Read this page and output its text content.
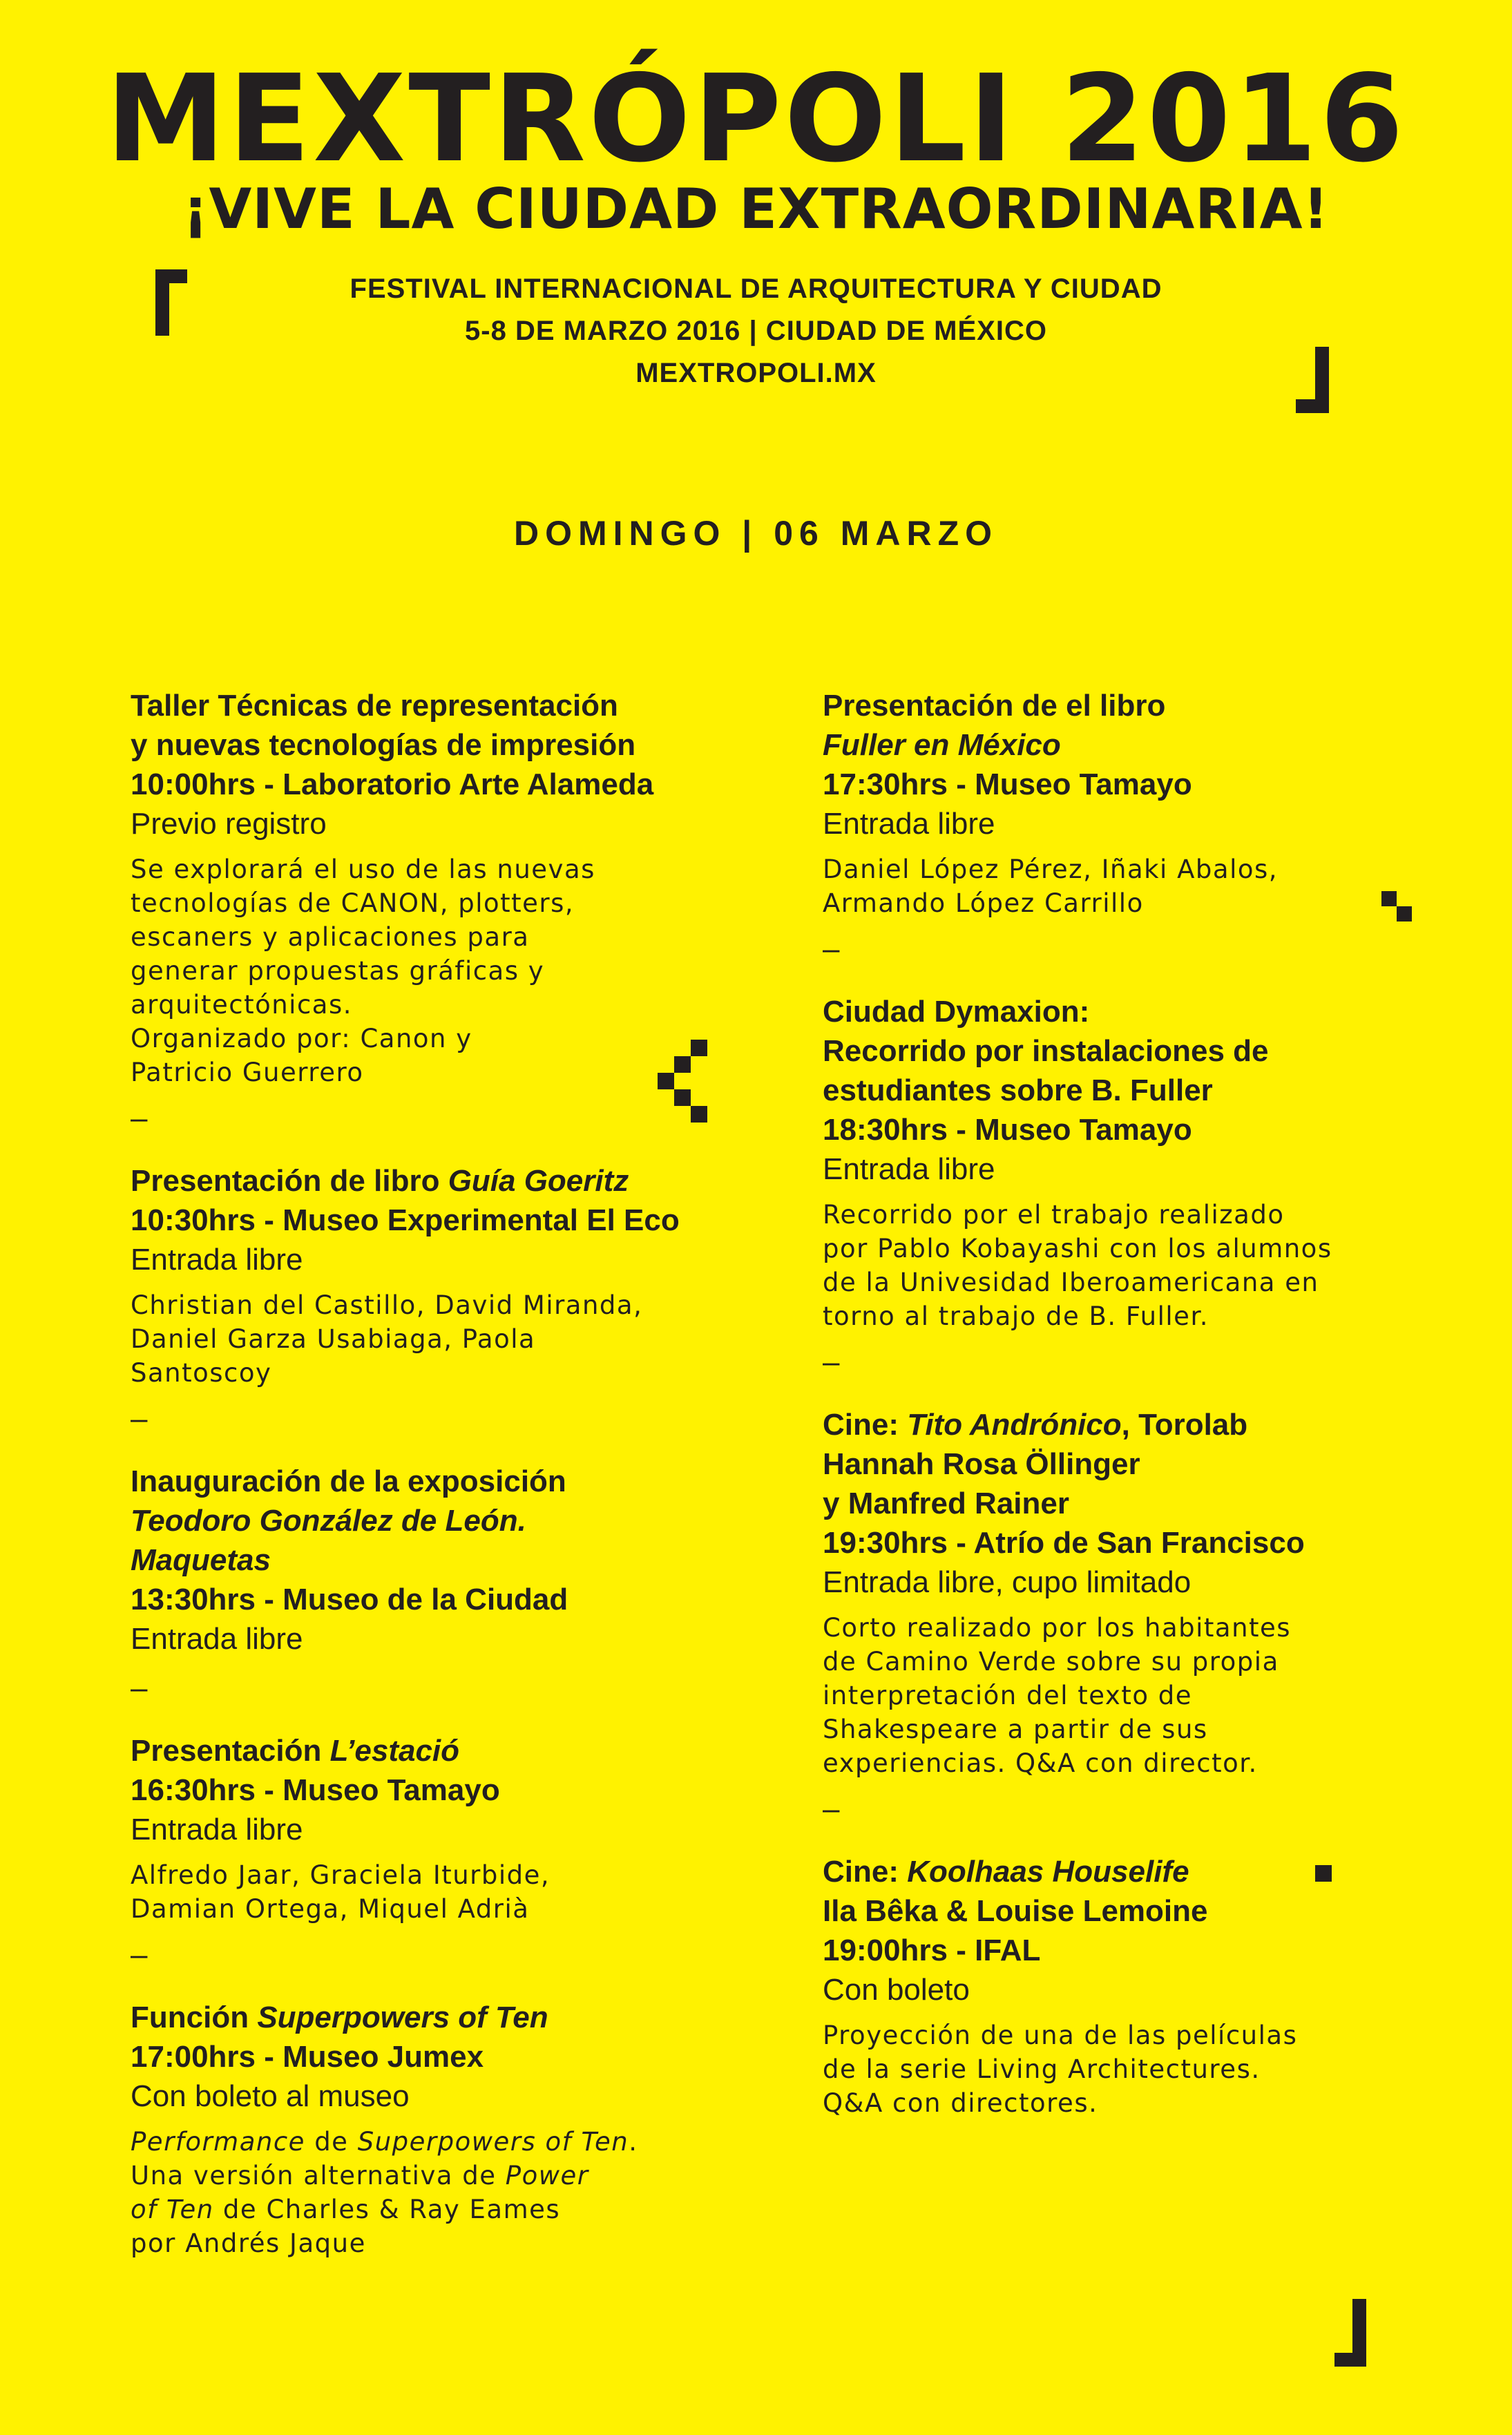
MEXTRÓPOLI 2016
¡VIVE LA CIUDAD EXTRAORDINARIA!
FESTIVAL INTERNACIONAL DE ARQUITECTURA Y CIUDAD
5-8 DE MARZO 2016 | CIUDAD DE MÉXICO
MEXTROPOLI.MX
DOMINGO | 06 MARZO
Taller Técnicas de representación
y nuevas tecnologías de impresión
10:00hrs - Laboratorio Arte Alameda
Previo registro
Se explorará el uso de las nuevas
tecnologías de CANON, plotters,
escaners y aplicaciones para
generar propuestas gráficas y
arquitectónicas.
Organizado por: Canon y
Patricio Guerrero
–
Presentación de libro Guía Goeritz
10:30hrs - Museo Experimental El Eco
Entrada libre
Christian del Castillo, David Miranda,
Daniel Garza Usabiaga, Paola
Santoscoy
–
Inauguración de la exposición
Teodoro González de León.
Maquetas
13:30hrs - Museo de la Ciudad
Entrada libre
–
Presentación L’estació
16:30hrs - Museo Tamayo
Entrada libre
Alfredo Jaar, Graciela Iturbide,
Damian Ortega, Miquel Adrià
–
Función Superpowers of Ten
17:00hrs - Museo Jumex
Con boleto al museo
Performance de Superpowers of Ten.
Una versión alternativa de Power
of Ten de Charles & Ray Eames
por Andrés Jaque
Presentación de el libro
Fuller en México
17:30hrs - Museo Tamayo
Entrada libre
Daniel López Pérez, Iñaki Abalos,
Armando López Carrillo
–
Ciudad Dymaxion:
Recorrido por instalaciones de
estudiantes sobre B. Fuller
18:30hrs - Museo Tamayo
Entrada libre
Recorrido por el trabajo realizado
por Pablo Kobayashi con los alumnos
de la Univesidad Iberoamericana en
torno al trabajo de B. Fuller.
–
Cine: Tito Andrónico, Torolab
Hannah Rosa Öllinger
y Manfred Rainer
19:30hrs - Atrío de San Francisco
Entrada libre, cupo limitado
Corto realizado por los habitantes
de Camino Verde sobre su propia
interpretación del texto de
Shakespeare a partir de sus
experiencias. Q&A con director.
–
Cine: Koolhaas Houselife
Ila Bêka & Louise Lemoine
19:00hrs - IFAL
Con boleto
Proyección de una de las películas
de la serie Living Architectures.
Q&A con directores.
